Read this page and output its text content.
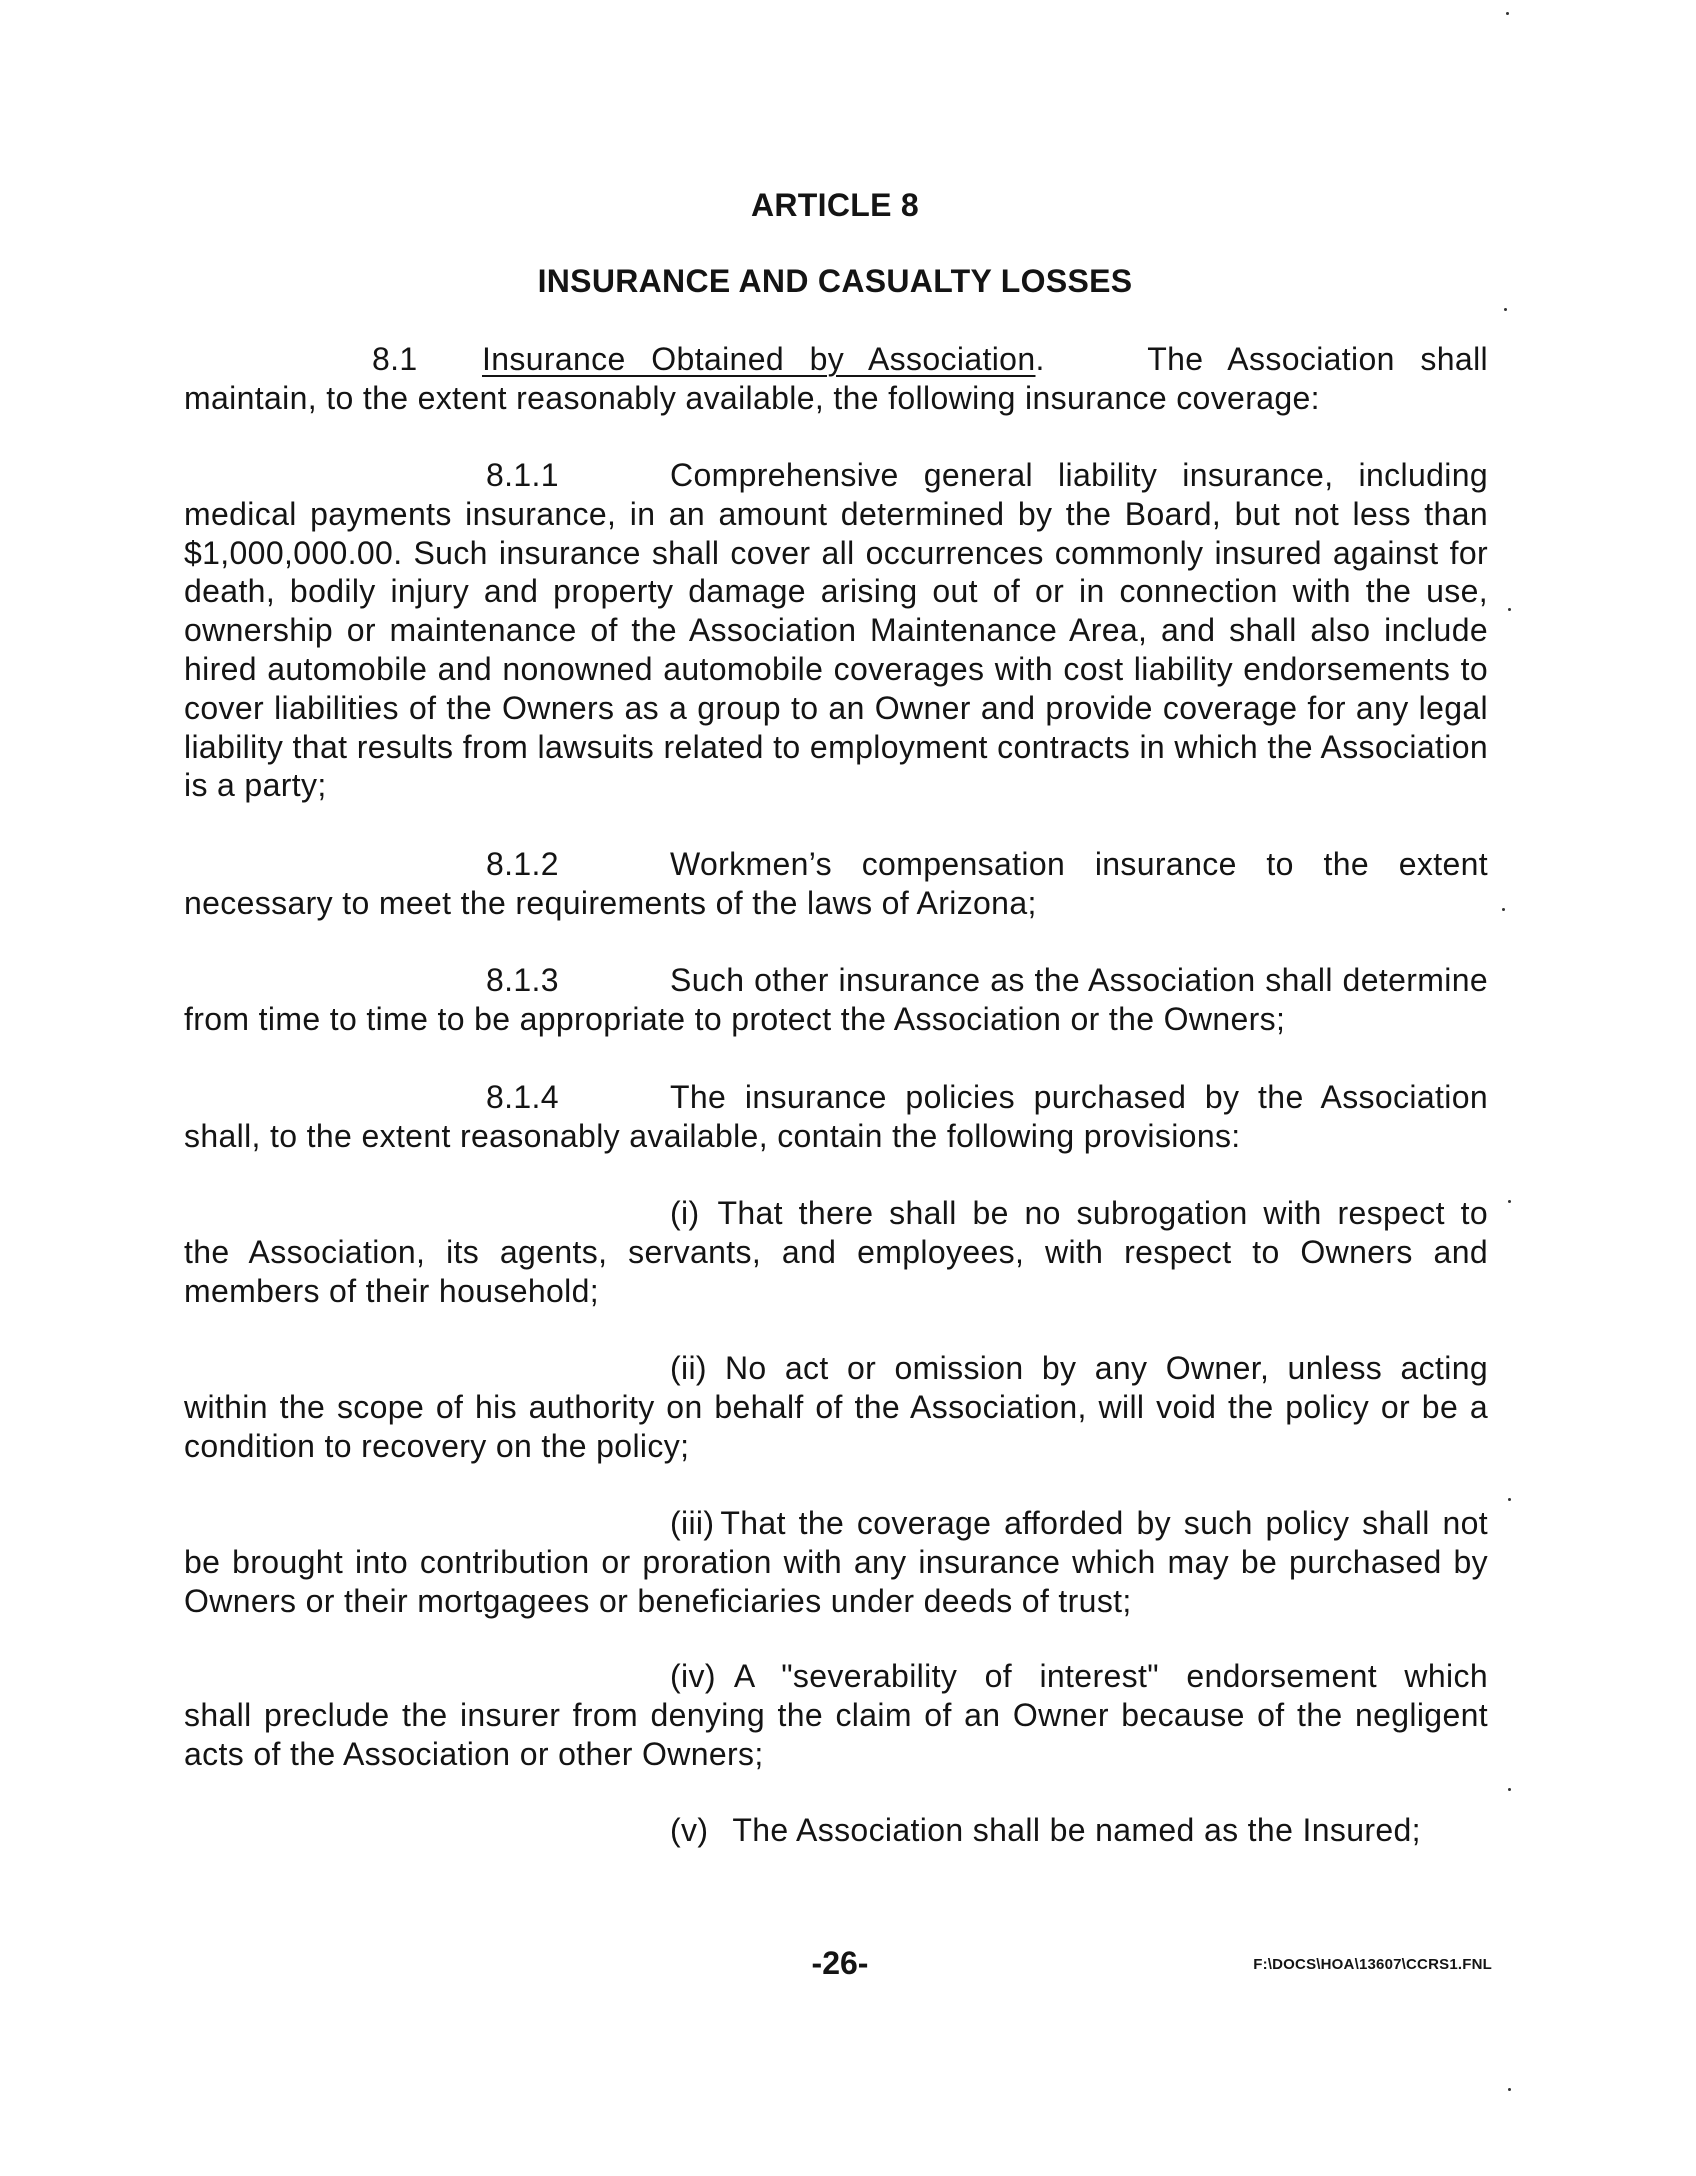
ARTICLE 8
INSURANCE AND CASUALTY LOSSES
8.1 Insurance Obtained by Association.    The Association shall
maintain, to the extent reasonably available, the following insurance coverage:
8.1.1	Comprehensive general liability insurance, including
medical payments insurance, in an amount determined by the Board, but not less than $1,000,000.00. Such insurance shall cover all occurrences commonly insured against for death, bodily injury and property damage arising out of or in connection with the use, ownership or maintenance of the Association Maintenance Area, and shall also include hired automobile and nonowned automobile coverages with cost liability endorsements to cover liabilities of the Owners as a group to an Owner and provide coverage for any legal liability that results from lawsuits related to employment contracts in which the Association is a party;
8.1.2	Workmen’s compensation insurance to the extent
necessary to meet the requirements of the laws of Arizona;
8.1.3	Such other insurance as the Association shall determine
from time to time to be appropriate to protect the Association or the Owners;
8.1.4	The insurance policies purchased by the Association
shall, to the extent reasonably available, contain the following provisions:
(i) That there shall be no subrogation with respect to
the Association, its agents, servants, and employees, with respect to Owners and members of their household;
(ii) No act or omission by any Owner, unless acting
within the scope of his authority on behalf of the Association, will void the policy or be a condition to recovery on the policy;
(iii) That the coverage afforded by such policy shall not
be brought into contribution or proration with any insurance which may be purchased by Owners or their mortgagees or beneficiaries under deeds of trust;
(iv) A "severability of interest" endorsement which
shall preclude the insurer from denying the claim of an Owner because of the negligent acts of the Association or other Owners;
(v) The Association shall be named as the Insured;
-26-	F:\DOCS\HOA\13607\CCRS1.FNL
